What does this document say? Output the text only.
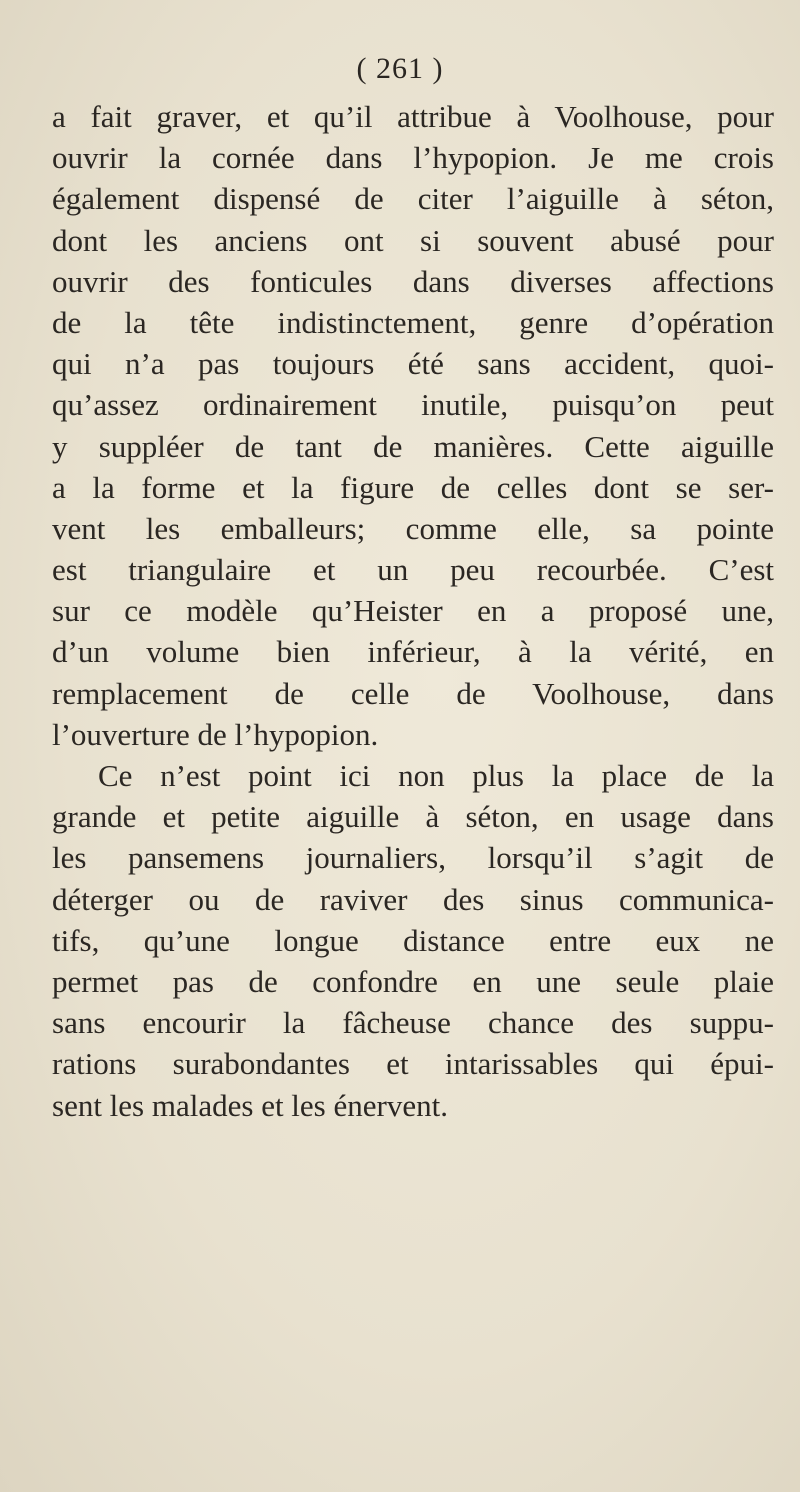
( 261 )
a fait graver, et qu’il attribue à Voolhouse, pour
ouvrir la cornée dans l’hypopion. Je me crois
également dispensé de citer l’aiguille à séton,
dont les anciens ont si souvent abusé pour
ouvrir des fonticules dans diverses affections
de la tête indistinctement, genre d’opération
qui n’a pas toujours été sans accident, quoi-
qu’assez ordinairement inutile, puisqu’on peut
y suppléer de tant de manières. Cette aiguille
a la forme et la figure de celles dont se ser-
vent les emballeurs; comme elle, sa pointe
est triangulaire et un peu recourbée. C’est
sur ce modèle qu’Heister en a proposé une,
d’un volume bien inférieur, à la vérité, en
remplacement de celle de Voolhouse, dans
l’ouverture de l’hypopion.
Ce n’est point ici non plus la place de la
grande et petite aiguille à séton, en usage dans
les pansemens journaliers, lorsqu’il s’agit de
déterger ou de raviver des sinus communica-
tifs, qu’une longue distance entre eux ne
permet pas de confondre en une seule plaie
sans encourir la fâcheuse chance des suppu-
rations surabondantes et intarissables qui épui-
sent les malades et les énervent.
